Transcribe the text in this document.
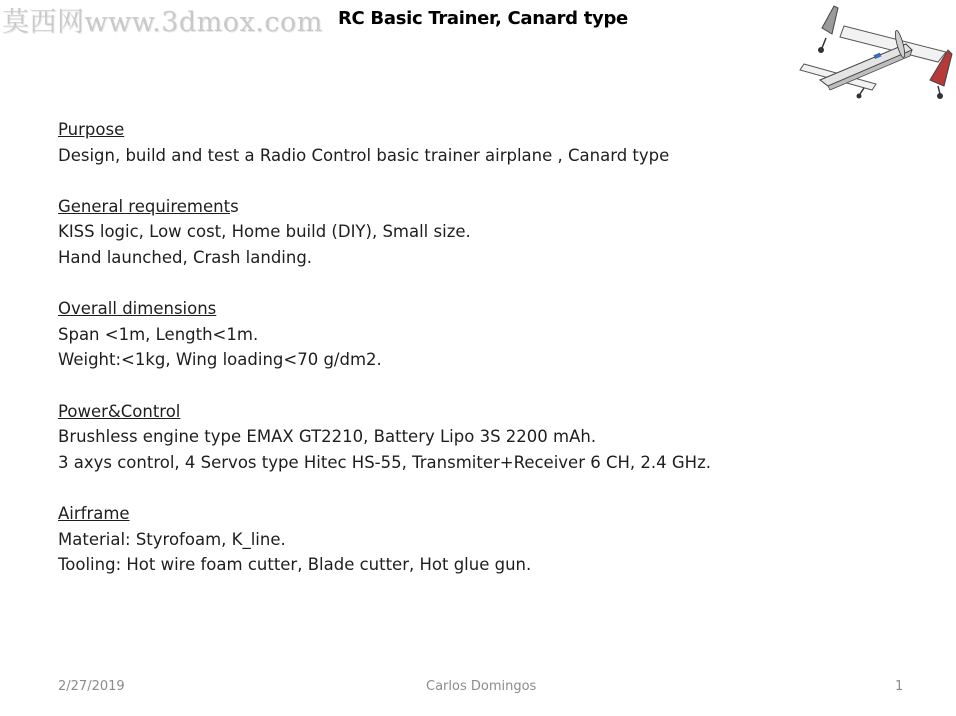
莫西网www.3dmox.com RC Basic Trainer, Canard type
Purpose
Design, build and test a Radio Control basic trainer airplane , Canard type
General requirements
KISS logic, Low cost, Home build (DIY), Small size.
Hand launched, Crash landing.
Overall dimensions
Span <1m, Length<1m.
Weight:<1kg, Wing loading<70 g/dm2.
Power&Control
Brushless engine type EMAX GT2210, Battery Lipo 3S 2200 mAh.
3 axys control, 4 Servos type Hitec HS-55, Transmiter+Receiver 6 CH, 2.4 GHz.
Airframe
Material: Styrofoam, K_line.
Tooling: Hot wire foam cutter, Blade cutter, Hot glue gun.
2/27/2019	Carlos Domingos	1
